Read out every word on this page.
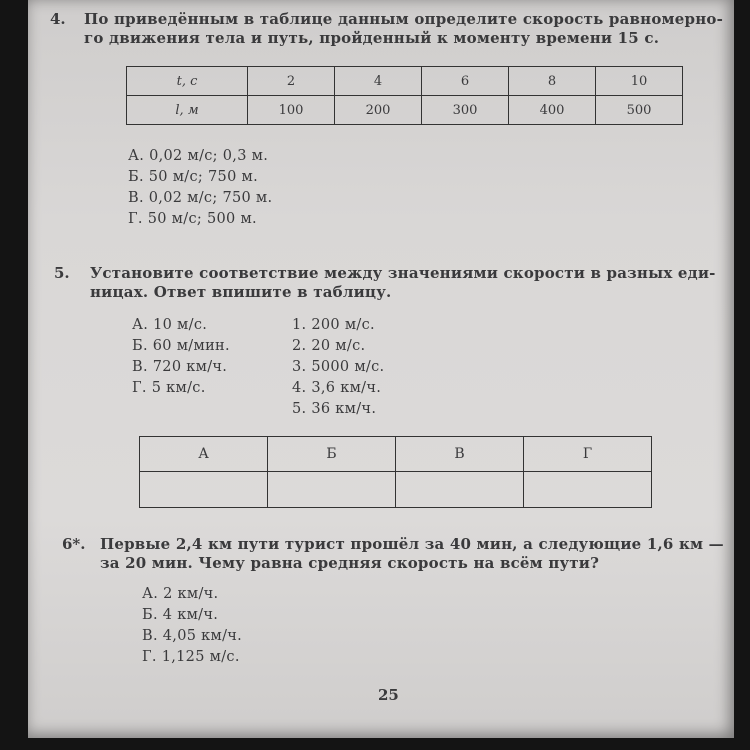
4. По приведённым в таблице данным определите скорость равномерно-
го движения тела и путь, пройденный к моменту времени 15 с.
t, с	2	4	6	8	10
l, м	100	200	300	400	500
А. 0,02 м/с; 0,3 м.
Б. 50 м/с; 750 м.
В. 0,02 м/с; 750 м.
Г. 50 м/с; 500 м.
5. Установите соответствие между значениями скорости в разных еди-
ницах. Ответ впишите в таблицу.
А. 10 м/с.
Б. 60 м/мин.
В. 720 км/ч.
Г. 5 км/с.
1. 200 м/с.
2. 20 м/с.
3. 5000 м/с.
4. 3,6 км/ч.
5. 36 км/ч.
А	Б	В	Г

6*. Первые 2,4 км пути турист прошёл за 40 мин, а следующие 1,6 км —
за 20 мин. Чему равна средняя скорость на всём пути?
А. 2 км/ч.
Б. 4 км/ч.
В. 4,05 км/ч.
Г. 1,125 м/с.
25
